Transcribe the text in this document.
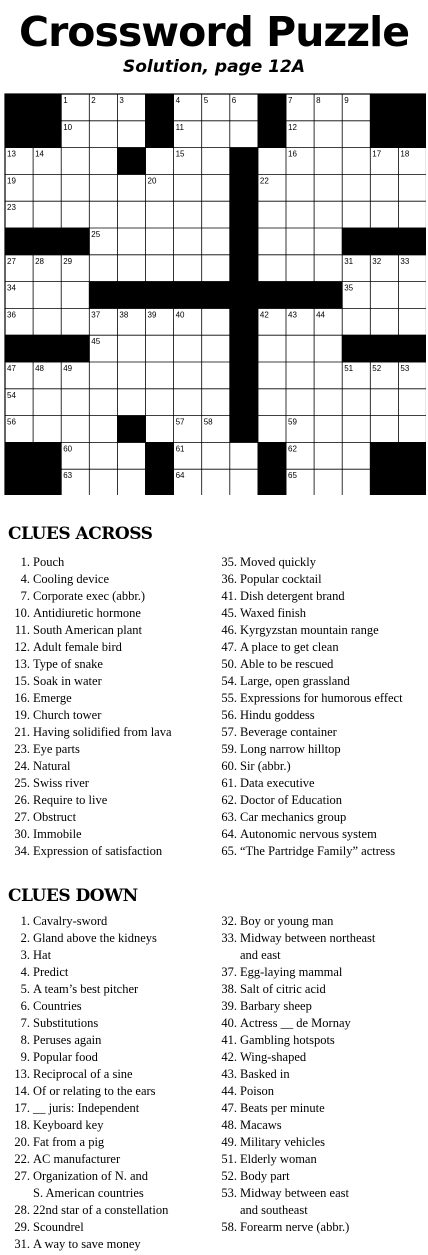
Crossword Puzzle
Solution, page 12A
1	2	3	4	5	6	7	8	9
10	11	12
13 14	15	16	17 18
19	20	21 22
23	24
25	26
27 28 29	30	31 32 33
34	35
36	37 38 39 40	41 42 43 44
45	46
47 48 49	50	51 52 53
54	55
56	57 58	59
60	61	62
63	64	65
CLUES ACROSS
1. Pouch
4. Cooling device
7. Corporate exec (abbr.)
10. Antidiuretic hormone
11. South American plant
12. Adult female bird
13. Type of snake
15. Soak in water
16. Emerge
19. Church tower
21. Having solidified from lava
23. Eye parts
24. Natural
25. Swiss river
26. Require to live
27. Obstruct
30. Immobile
34. Expression of satisfaction
35. Moved quickly
36. Popular cocktail
41. Dish detergent brand
45. Waxed finish
46. Kyrgyzstan mountain range
47. A place to get clean
50. Able to be rescued
54. Large, open grassland
55. Expressions for humorous effect
56. Hindu goddess
57. Beverage container
59. Long narrow hilltop
60. Sir (abbr.)
61. Data executive
62. Doctor of Education
63. Car mechanics group
64. Autonomic nervous system
65. “The Partridge Family” actress
CLUES DOWN
1. Cavalry-sword
2. Gland above the kidneys
3. Hat
4. Predict
5. A team’s best pitcher
6. Countries
7. Substitutions
8. Peruses again
9. Popular food
13. Reciprocal of a sine
14. Of or relating to the ears
17. __ juris: Independent
18. Keyboard key
20. Fat from a pig
22. AC manufacturer
27. Organization of N. and
S. American countries
28. 22nd star of a constellation
29. Scoundrel
31. A way to save money
32. Boy or young man
33. Midway between northeast
and east
37. Egg-laying mammal
38. Salt of citric acid
39. Barbary sheep
40. Actress __ de Mornay
41. Gambling hotspots
42. Wing-shaped
43. Basked in
44. Poison
47. Beats per minute
48. Macaws
49. Military vehicles
51. Elderly woman
52. Body part
53. Midway between east
and southeast
58. Forearm nerve (abbr.)
